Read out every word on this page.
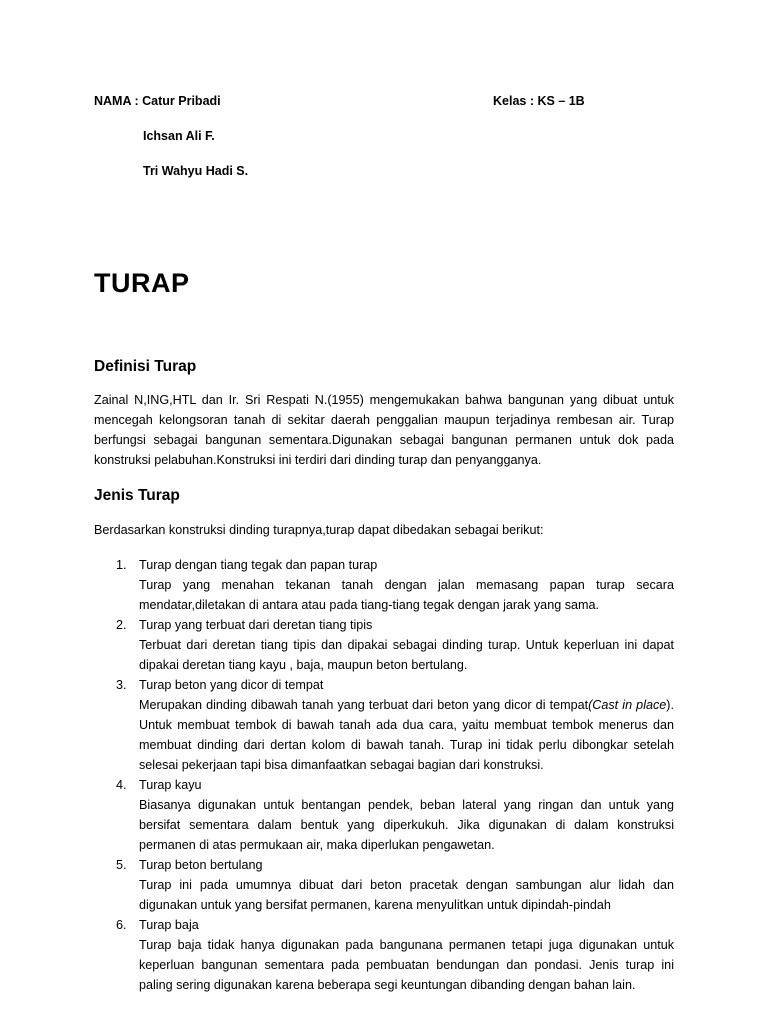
NAMA : Catur Pribadi	Kelas : KS – 1B
Ichsan Ali F.
Tri Wahyu Hadi S.
TURAP
Definisi Turap
Zainal N,ING,HTL dan Ir. Sri Respati N.(1955) mengemukakan bahwa bangunan yang dibuat untuk mencegah kelongsoran tanah di sekitar daerah penggalian maupun terjadinya rembesan air. Turap berfungsi sebagai bangunan sementara.Digunakan sebagai bangunan permanen untuk dok pada konstruksi pelabuhan.Konstruksi ini terdiri dari dinding turap dan penyangganya.
Jenis Turap
Berdasarkan konstruksi dinding turapnya,turap dapat dibedakan sebagai berikut:
1. Turap dengan tiang tegak dan papan turap
Turap yang menahan tekanan tanah dengan jalan memasang papan turap secara mendatar,diletakan di antara atau pada tiang-tiang tegak dengan jarak yang sama.
2. Turap yang terbuat dari deretan tiang tipis
Terbuat dari deretan tiang tipis dan dipakai sebagai dinding turap. Untuk keperluan ini dapat dipakai deretan tiang kayu , baja, maupun beton bertulang.
3. Turap beton yang dicor di tempat
Merupakan dinding dibawah tanah yang terbuat dari beton yang dicor di tempat(Cast in place). Untuk membuat tembok di bawah tanah ada dua cara, yaitu membuat tembok menerus dan membuat dinding dari dertan kolom di bawah tanah. Turap ini tidak perlu dibongkar setelah selesai pekerjaan tapi bisa dimanfaatkan sebagai bagian dari konstruksi.
4. Turap kayu
Biasanya digunakan untuk bentangan pendek, beban lateral yang ringan dan untuk yang bersifat sementara dalam bentuk yang diperkukuh. Jika digunakan di dalam konstruksi permanen di atas permukaan air, maka diperlukan pengawetan.
5. Turap beton bertulang
Turap ini pada umumnya dibuat dari beton pracetak dengan sambungan alur lidah dan digunakan untuk yang bersifat permanen, karena menyulitkan untuk dipindah-pindah
6. Turap baja
Turap baja tidak hanya digunakan pada bangunana permanen tetapi juga digunakan untuk keperluan bangunan sementara pada pembuatan bendungan dan pondasi. Jenis turap ini paling sering digunakan karena beberapa segi keuntungan dibanding dengan bahan lain.
